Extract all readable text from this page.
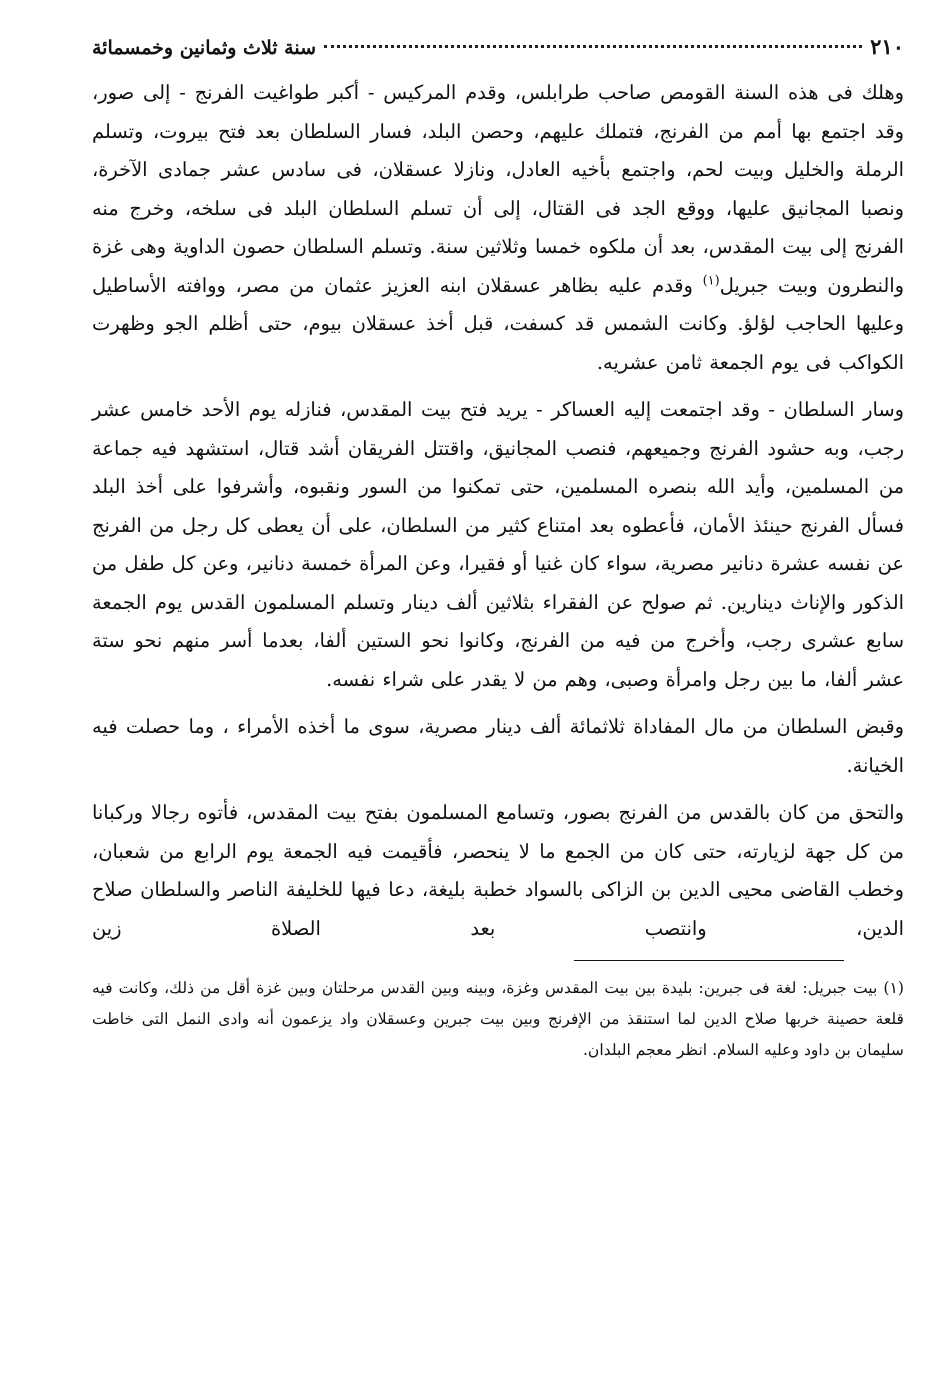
٢١٠
سنة ثلاث وثمانين وخمسمائة

وهلك فى هذه السنة القومص صاحب طرابلس، وقدم المركيس - أكبر طواغيت الفرنج - إلى صور، وقد اجتمع بها أمم من الفرنج، فتملك عليهم، وحصن البلد، فسار السلطان بعد فتح بيروت، وتسلم الرملة والخليل وبيت لحم، واجتمع بأخيه العادل، ونازلا عسقلان، فى سادس عشر جمادى الآخرة، ونصبا المجانيق عليها، ووقع الجد فى القتال، إلى أن تسلم السلطان البلد فى سلخه، وخرج منه الفرنج إلى بيت المقدس، بعد أن ملكوه خمسا وثلاثين سنة. وتسلم السلطان حصون الداوية وهى غزة والنطرون وبيت جبريل$^{(١)}$ وقدم عليه بظاهر عسقلان ابنه العزيز عثمان من مصر، ووافته الأساطيل وعليها الحاجب لؤلؤ. وكانت الشمس قد كسفت، قبل أخذ عسقلان بيوم، حتى أظلم الجو وظهرت الكواكب فى يوم الجمعة ثامن عشريه.

وسار السلطان - وقد اجتمعت إليه العساكر - يريد فتح بيت المقدس، فنازله يوم الأحد خامس عشر رجب، وبه حشود الفرنج وجميعهم، فنصب المجانيق، واقتتل الفريقان أشد قتال، استشهد فيه جماعة من المسلمين، وأيد الله بنصره المسلمين، حتى تمكنوا من السور ونقبوه، وأشرفوا على أخذ البلد فسأل الفرنج حينئذ الأمان، فأعطوه بعد امتناع كثير من السلطان، على أن يعطى كل رجل من الفرنج عن نفسه عشرة دنانير مصرية، سواء كان غنيا أو فقيرا، وعن المرأة خمسة دنانير، وعن كل طفل من الذكور والإناث دينارين. ثم صولح عن الفقراء بثلاثين ألف دينار وتسلم المسلمون القدس يوم الجمعة سابع عشرى رجب، وأخرج من فيه من الفرنج، وكانوا نحو الستين ألفا، بعدما أسر منهم نحو ستة عشر ألفا، ما بين رجل وامرأة وصبى، وهم من لا يقدر على شراء نفسه.

وقبض السلطان من مال المفاداة ثلاثمائة ألف دينار مصرية، سوى ما أخذه الأمراء ، وما حصلت فيه الخيانة.

والتحق من كان بالقدس من الفرنج بصور، وتسامع المسلمون بفتح بيت المقدس، فأتوه رجالا وركبانا من كل جهة لزيارته، حتى كان من الجمع ما لا ينحصر، فأقيمت فيه الجمعة يوم الرابع من شعبان، وخطب القاضى محيى الدين بن الزاكى بالسواد خطبة بليغة، دعا فيها للخليفة الناصر والسلطان صلاح الدين، وانتصب بعد الصلاة زين

(١) بيت جبريل: لغة فى جبرين: بليدة بين بيت المقدس وغزة، وبينه وبين القدس مرحلتان وبين غزة أقل من ذلك، وكانت فيه قلعة حصينة خربها صلاح الدين لما استنقذ من الإفرنج وبين بيت جبرين وعسقلان واد يزعمون أنه وادى النمل التى خاطت سليمان بن داود وعليه السلام. انظر معجم البلدان.
